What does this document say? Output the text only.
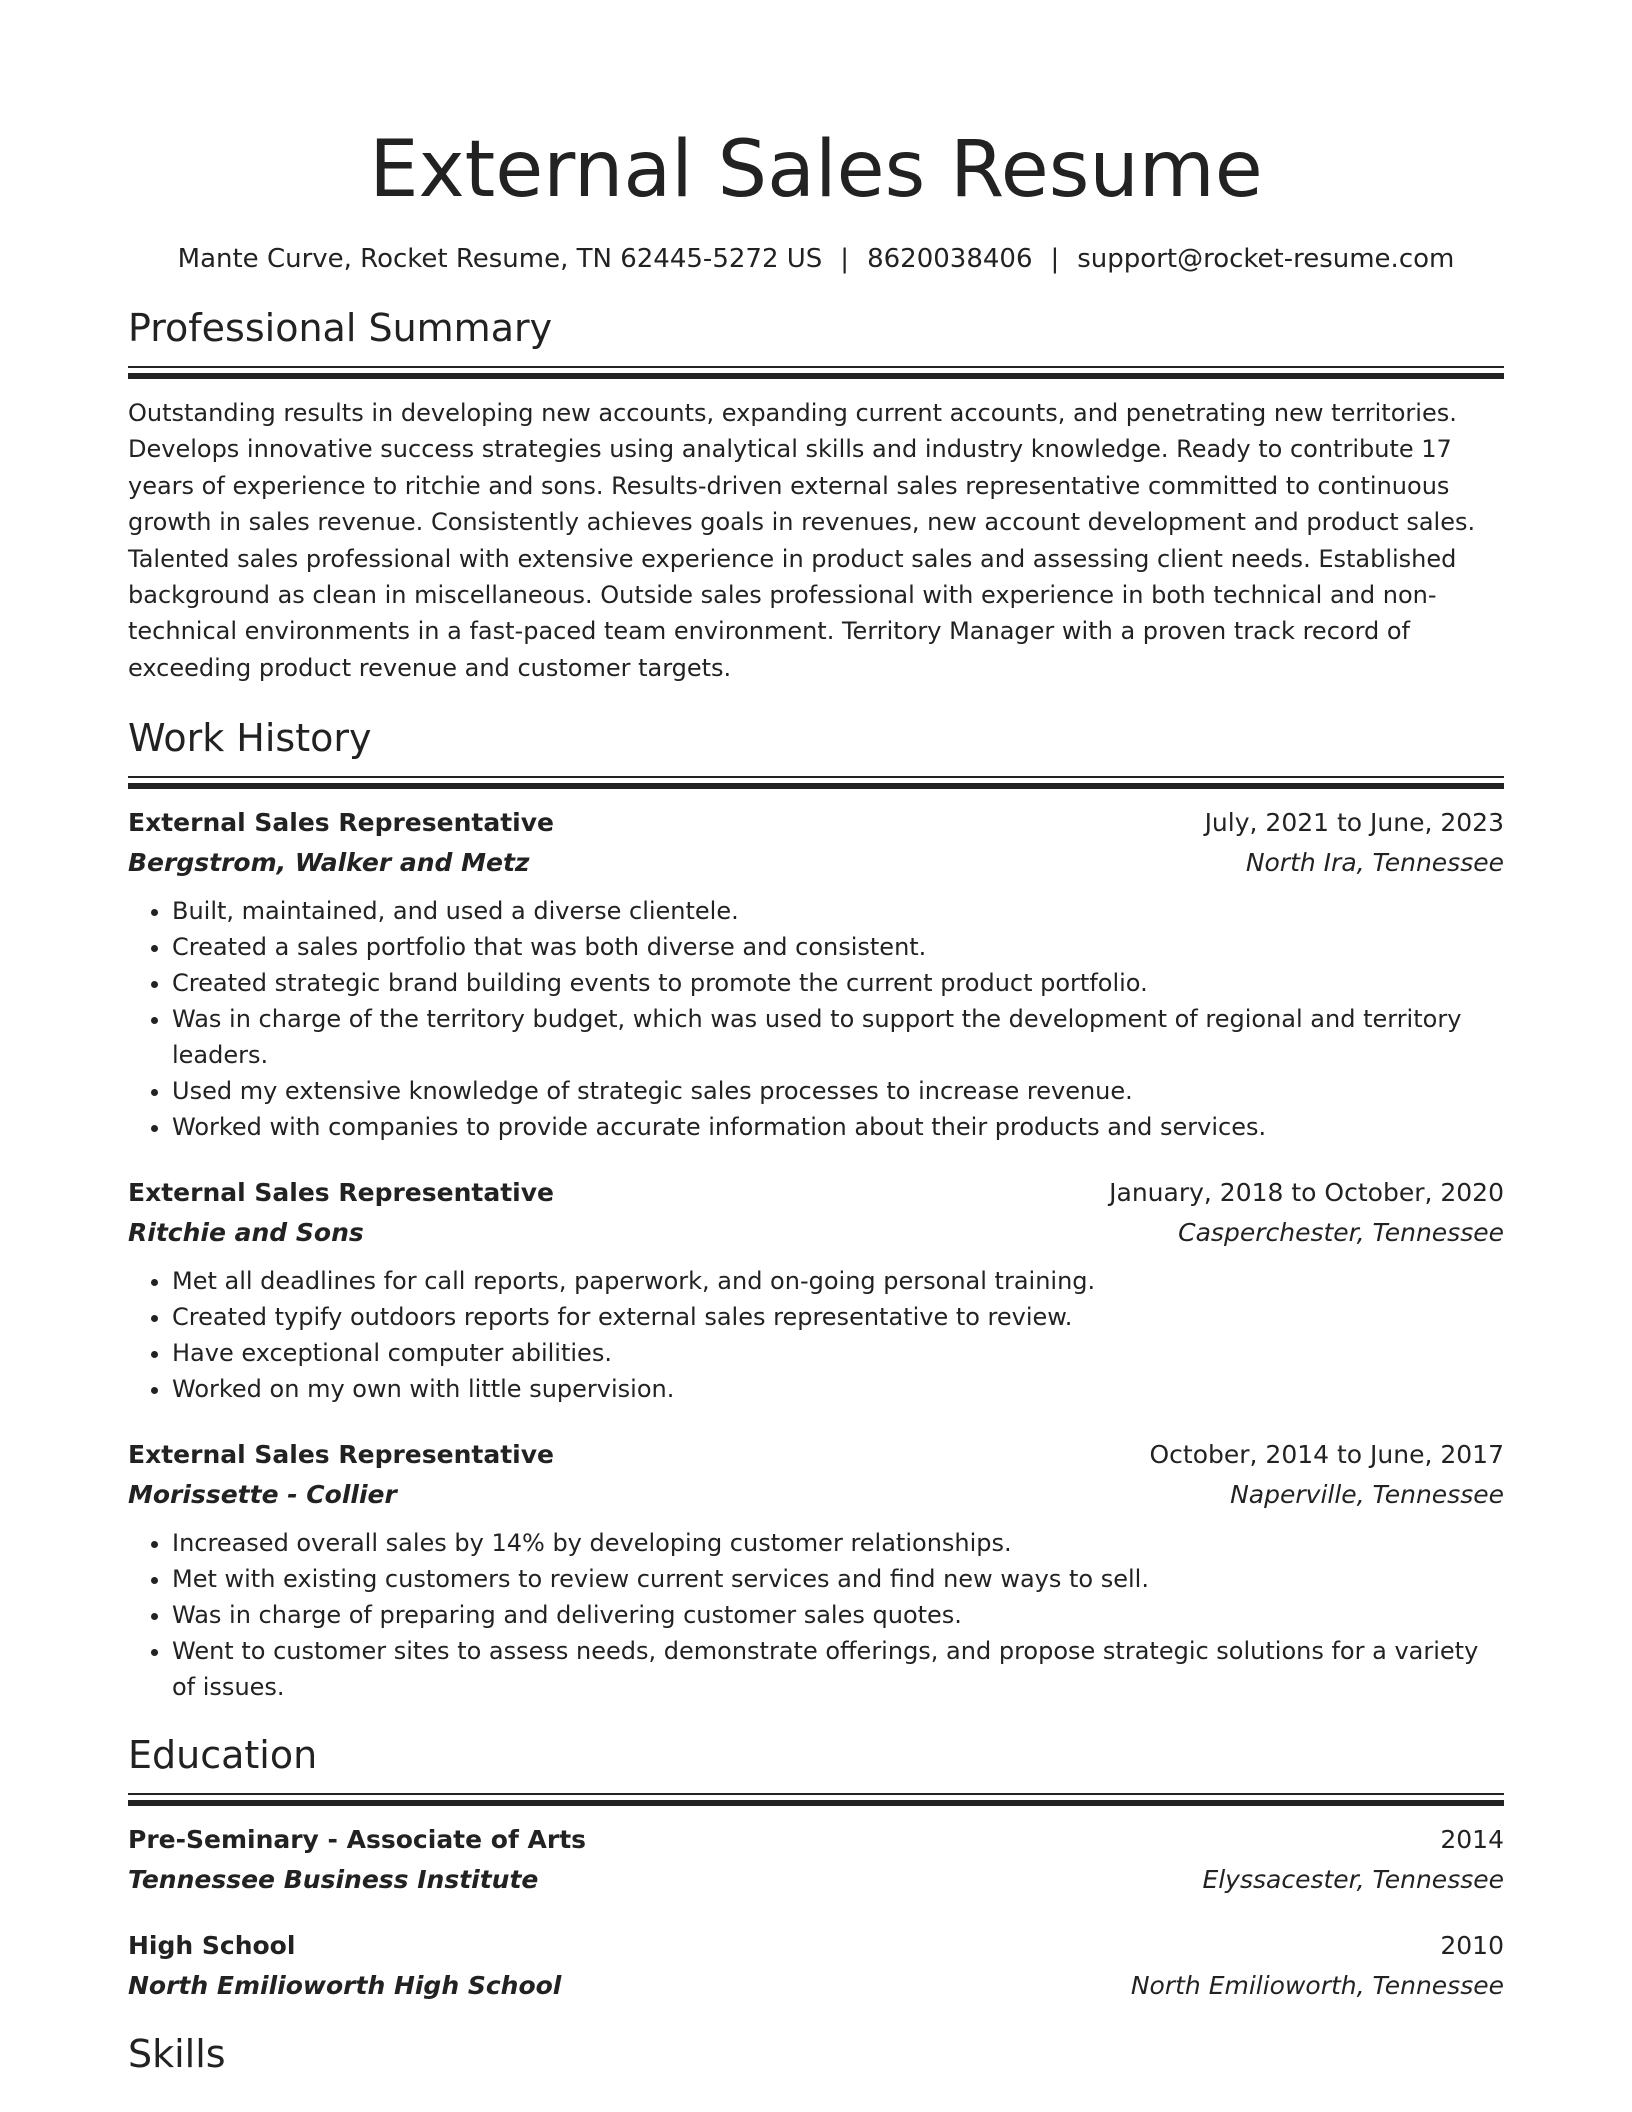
External Sales Resume
Mante Curve, Rocket Resume, TN 62445-5272 US | 8620038406 | support@rocket-resume.com
Professional Summary
Outstanding results in developing new accounts, expanding current accounts, and penetrating new territories. Develops innovative success strategies using analytical skills and industry knowledge. Ready to contribute 17 years of experience to ritchie and sons. Results-driven external sales representative committed to continuous growth in sales revenue. Consistently achieves goals in revenues, new account development and product sales. Talented sales professional with extensive experience in product sales and assessing client needs. Established background as clean in miscellaneous. Outside sales professional with experience in both technical and non-technical environments in a fast-paced team environment. Territory Manager with a proven track record of exceeding product revenue and customer targets.
Work History
External Sales Representative	July, 2021 to June, 2023
Bergstrom, Walker and Metz	North Ira, Tennessee
• Built, maintained, and used a diverse clientele.
• Created a sales portfolio that was both diverse and consistent.
• Created strategic brand building events to promote the current product portfolio.
• Was in charge of the territory budget, which was used to support the development of regional and territory leaders.
• Used my extensive knowledge of strategic sales processes to increase revenue.
• Worked with companies to provide accurate information about their products and services.
External Sales Representative	January, 2018 to October, 2020
Ritchie and Sons	Casperchester, Tennessee
• Met all deadlines for call reports, paperwork, and on-going personal training.
• Created typify outdoors reports for external sales representative to review.
• Have exceptional computer abilities.
• Worked on my own with little supervision.
External Sales Representative	October, 2014 to June, 2017
Morissette - Collier	Naperville, Tennessee
• Increased overall sales by 14% by developing customer relationships.
• Met with existing customers to review current services and find new ways to sell.
• Was in charge of preparing and delivering customer sales quotes.
• Went to customer sites to assess needs, demonstrate offerings, and propose strategic solutions for a variety of issues.
Education
Pre-Seminary - Associate of Arts	2014
Tennessee Business Institute	Elyssacester, Tennessee
High School	2010
North Emilioworth High School	North Emilioworth, Tennessee
Skills
